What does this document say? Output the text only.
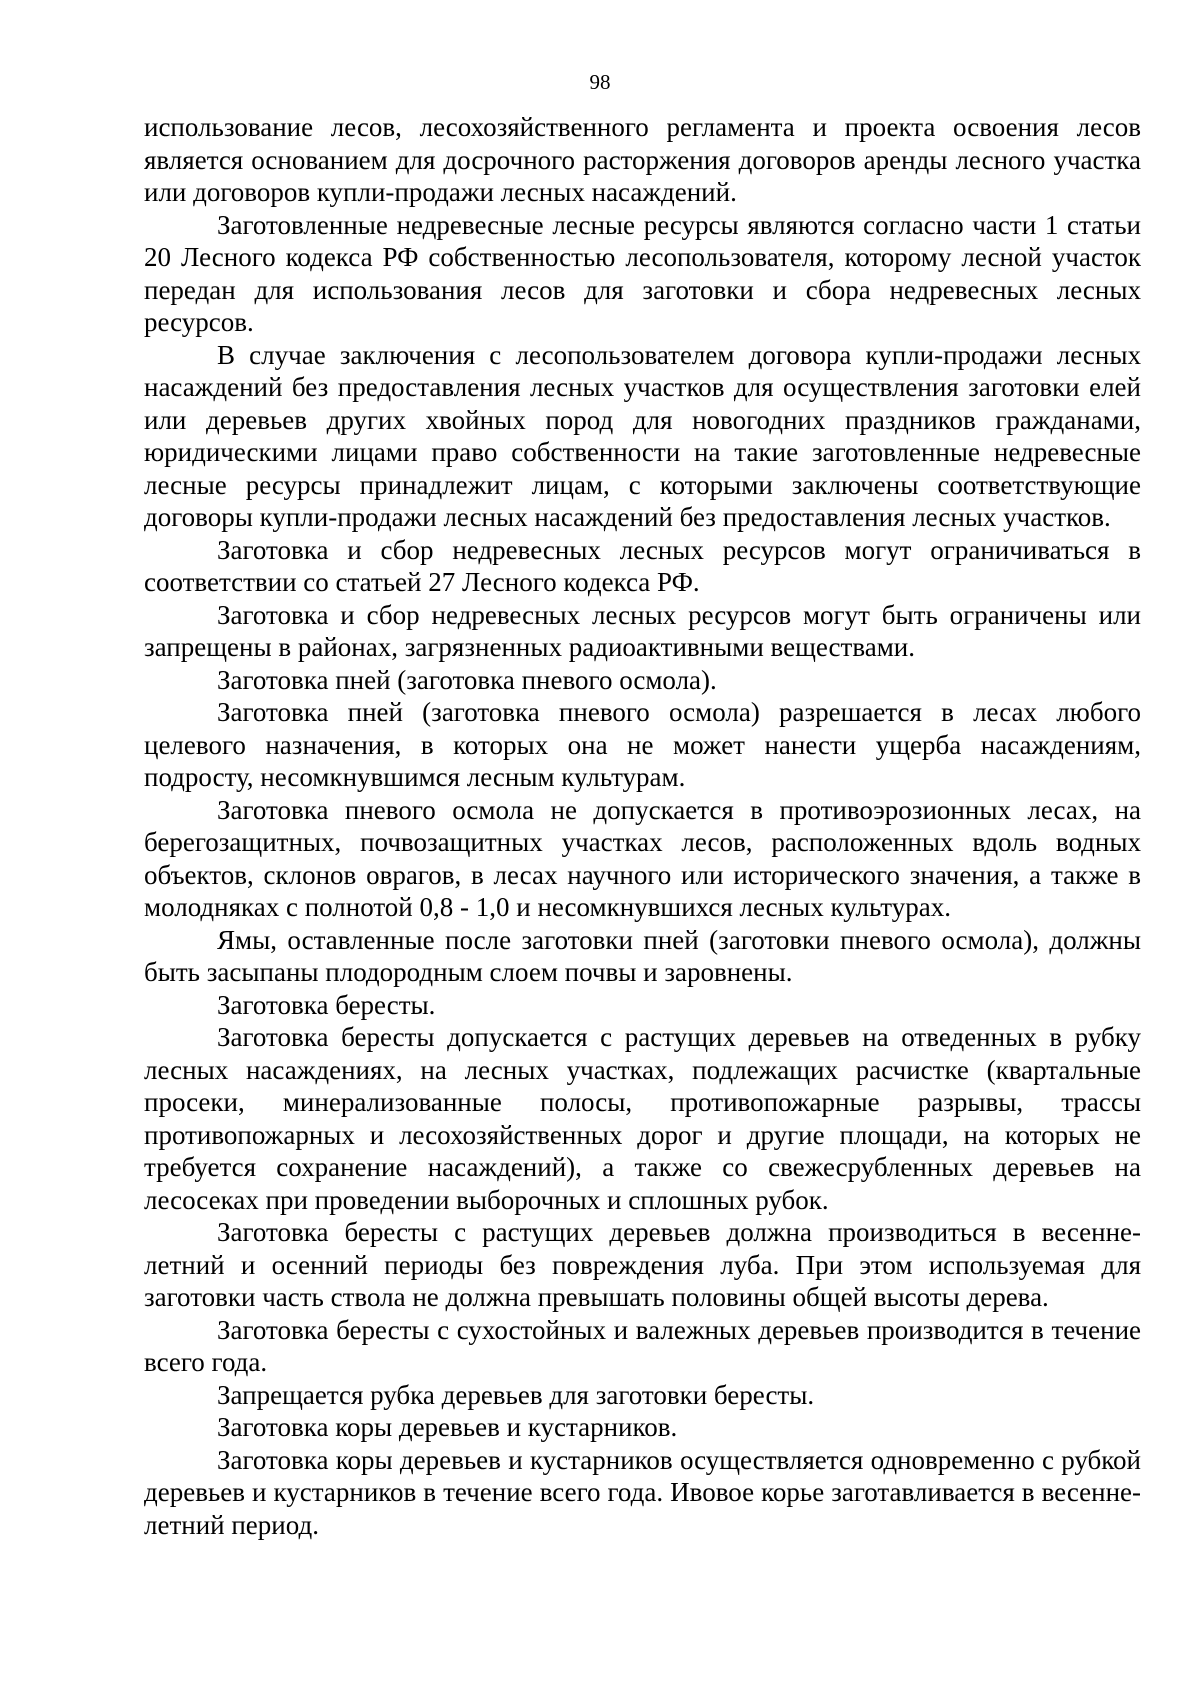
98

использование лесов, лесохозяйственного регламента и проекта освоения лесов является основанием для досрочного расторжения договоров аренды лесного участка или договоров купли-продажи лесных насаждений.

Заготовленные недревесные лесные ресурсы являются согласно части 1 статьи 20 Лесного кодекса РФ собственностью лесопользователя, которому лесной участок передан для использования лесов для заготовки и сбора недревесных лесных ресурсов.

В случае заключения с лесопользователем договора купли-продажи лесных насаждений без предоставления лесных участков для осуществления заготовки елей или деревьев других хвойных пород для новогодних праздников гражданами, юридическими лицами право собственности на такие заготовленные недревесные лесные ресурсы принадлежит лицам, с которыми заключены соответствующие договоры купли-продажи лесных насаждений без предоставления лесных участков.

Заготовка и сбор недревесных лесных ресурсов могут ограничиваться в соответствии со статьей 27 Лесного кодекса РФ.

Заготовка и сбор недревесных лесных ресурсов могут быть ограничены или запрещены в районах, загрязненных радиоактивными веществами.

Заготовка пней (заготовка пневого осмола).

Заготовка пней (заготовка пневого осмола) разрешается в лесах любого целевого назначения, в которых она не может нанести ущерба насаждениям, подросту, несомкнувшимся лесным культурам.

Заготовка пневого осмола не допускается в противоэрозионных лесах, на берегозащитных, почвозащитных участках лесов, расположенных вдоль водных объектов, склонов оврагов, в лесах научного или исторического значения, а также в молодняках с полнотой 0,8 - 1,0 и несомкнувшихся лесных культурах.

Ямы, оставленные после заготовки пней (заготовки пневого осмола), должны быть засыпаны плодородным слоем почвы и заровнены.

Заготовка бересты.

Заготовка бересты допускается с растущих деревьев на отведенных в рубку лесных насаждениях, на лесных участках, подлежащих расчистке (квартальные просеки, минерализованные полосы, противопожарные разрывы, трассы противопожарных и лесохозяйственных дорог и другие площади, на которых не требуется сохранение насаждений), а также со свежесрубленных деревьев на лесосеках при проведении выборочных и сплошных рубок.

Заготовка бересты с растущих деревьев должна производиться в весенне-летний и осенний периоды без повреждения луба. При этом используемая для заготовки часть ствола не должна превышать половины общей высоты дерева.

Заготовка бересты с сухостойных и валежных деревьев производится в течение всего года.

Запрещается рубка деревьев для заготовки бересты.

Заготовка коры деревьев и кустарников.

Заготовка коры деревьев и кустарников осуществляется одновременно с рубкой деревьев и кустарников в течение всего года. Ивовое корье заготавливается в весенне-летний период.
